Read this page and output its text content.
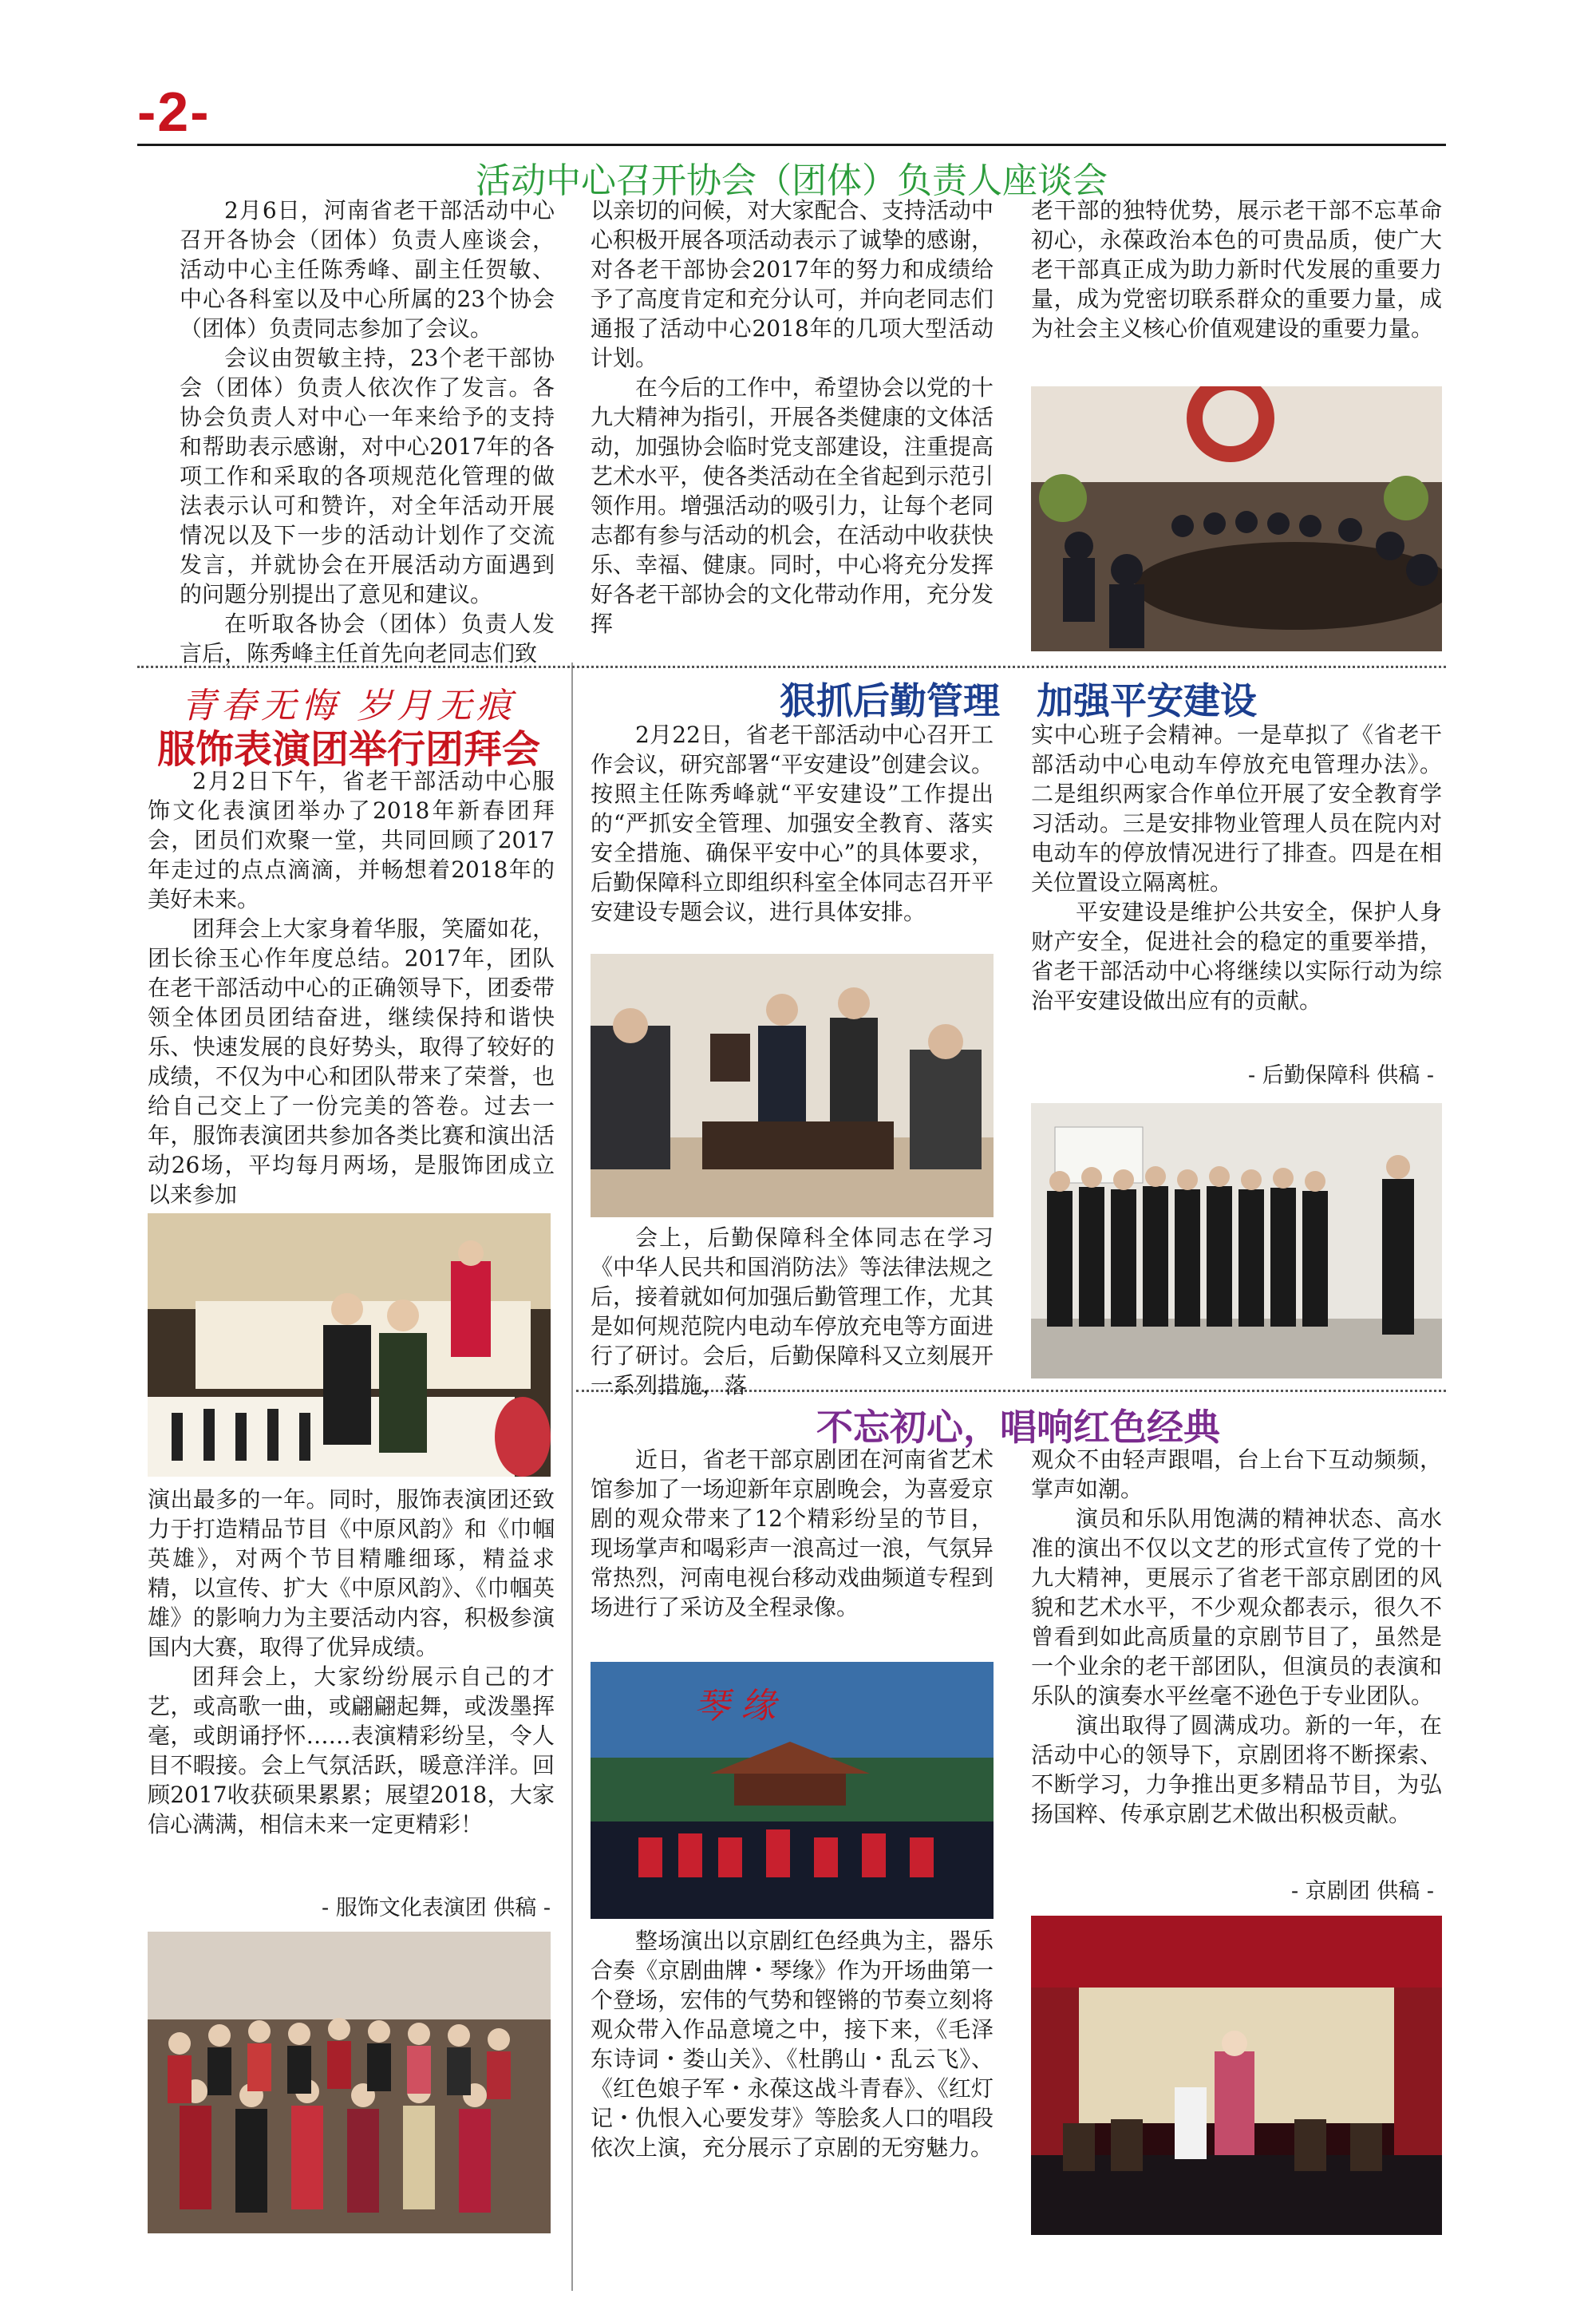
-2-
活动中心召开协会（团体）负责人座谈会

2月6日，河南省老干部活动中心召开各协会（团体）负责人座谈会，活动中心主任陈秀峰、副主任贺敏、中心各科室以及中心所属的23个协会（团体）负责同志参加了会议。

会议由贺敏主持，23个老干部协会（团体）负责人依次作了发言。各协会负责人对中心一年来给予的支持和帮助表示感谢，对中心2017年的各项工作和采取的各项规范化管理的做法表示认可和赞许，对全年活动开展情况以及下一步的活动计划作了交流发言，并就协会在开展活动方面遇到的问题分别提出了意见和建议。

在听取各协会（团体）负责人发言后，陈秀峰主任首先向老同志们致

以亲切的问候，对大家配合、支持活动中心积极开展各项活动表示了诚挚的感谢，对各老干部协会2017年的努力和成绩给予了高度肯定和充分认可，并向老同志们通报了活动中心2018年的几项大型活动计划。

在今后的工作中，希望协会以党的十九大精神为指引，开展各类健康的文体活动，加强协会临时党支部建设，注重提高艺术水平，使各类活动在全省起到示范引领作用。增强活动的吸引力，让每个老同志都有参与活动的机会，在活动中收获快乐、幸福、健康。同时，中心将充分发挥好各老干部协会的文化带动作用，充分发挥

老干部的独特优势，展示老干部不忘革命初心，永葆政治本色的可贵品质，使广大老干部真正成为助力新时代发展的重要力量，成为党密切联系群众的重要力量，成为社会主义核心价值观建设的重要力量。

青春无悔 岁月无痕
服饰表演团举行团拜会

2月2日下午，省老干部活动中心服饰文化表演团举办了2018年新春团拜会，团员们欢聚一堂，共同回顾了2017年走过的点点滴滴，并畅想着2018年的美好未来。

团拜会上大家身着华服，笑靥如花，团长徐玉心作年度总结。2017年，团队在老干部活动中心的正确领导下，团委带领全体团员团结奋进，继续保持和谐快乐、快速发展的良好势头，取得了较好的成绩，不仅为中心和团队带来了荣誉，也给自己交上了一份完美的答卷。过去一年，服饰表演团共参加各类比赛和演出活动26场，平均每月两场，是服饰团成立以来参加

演出最多的一年。同时，服饰表演团还致力于打造精品节目《中原风韵》和《巾帼英雄》，对两个节目精雕细琢，精益求精，以宣传、扩大《中原风韵》、《巾帼英雄》的影响力为主要活动内容，积极参演国内大赛，取得了优异成绩。

团拜会上，大家纷纷展示自己的才艺，或高歌一曲，或翩翩起舞，或泼墨挥毫，或朗诵抒怀……表演精彩纷呈，令人目不暇接。会上气氛活跃，暖意洋洋。回顾2017收获硕果累累；展望2018，大家信心满满，相信未来一定更精彩！

- 服饰文化表演团 供稿 -
狠抓后勤管理　加强平安建设

2月22日，省老干部活动中心召开工作会议，研究部署“平安建设”创建会议。按照主任陈秀峰就“平安建设”工作提出的“严抓安全管理、加强安全教育、落实安全措施、确保平安中心”的具体要求，后勤保障科立即组织科室全体同志召开平安建设专题会议，进行具体安排。

会上，后勤保障科全体同志在学习《中华人民共和国消防法》等法律法规之后，接着就如何加强后勤管理工作，尤其是如何规范院内电动车停放充电等方面进行了研讨。会后，后勤保障科又立刻展开一系列措施，落

实中心班子会精神。一是草拟了《省老干部活动中心电动车停放充电管理办法》。二是组织两家合作单位开展了安全教育学习活动。三是安排物业管理人员在院内对电动车的停放情况进行了排查。四是在相关位置设立隔离桩。

平安建设是维护公共安全，保护人身财产安全，促进社会的稳定的重要举措，省老干部活动中心将继续以实际行动为综治平安建设做出应有的贡献。

- 后勤保障科 供稿 -
不忘初心，唱响红色经典

近日，省老干部京剧团在河南省艺术馆参加了一场迎新年京剧晚会，为喜爱京剧的观众带来了12个精彩纷呈的节目，现场掌声和喝彩声一浪高过一浪，气氛异常热烈，河南电视台移动戏曲频道专程到场进行了采访及全程录像。

琴 缘

整场演出以京剧红色经典为主，器乐合奏《京剧曲牌・琴缘》作为开场曲第一个登场，宏伟的气势和铿锵的节奏立刻将观众带入作品意境之中，接下来，《毛泽东诗词・娄山关》、《杜鹃山・乱云飞》、《红色娘子军・永葆这战斗青春》、《红灯记・仇恨入心要发芽》等脍炙人口的唱段依次上演，充分展示了京剧的无穷魅力。

观众不由轻声跟唱，台上台下互动频频，掌声如潮。

演员和乐队用饱满的精神状态、高水准的演出不仅以文艺的形式宣传了党的十九大精神，更展示了省老干部京剧团的风貌和艺术水平，不少观众都表示，很久不曾看到如此高质量的京剧节目了，虽然是一个业余的老干部团队，但演员的表演和乐队的演奏水平丝毫不逊色于专业团队。

演出取得了圆满成功。新的一年，在活动中心的领导下，京剧团将不断探索、不断学习，力争推出更多精品节目，为弘扬国粹、传承京剧艺术做出积极贡献。

- 京剧团 供稿 -
